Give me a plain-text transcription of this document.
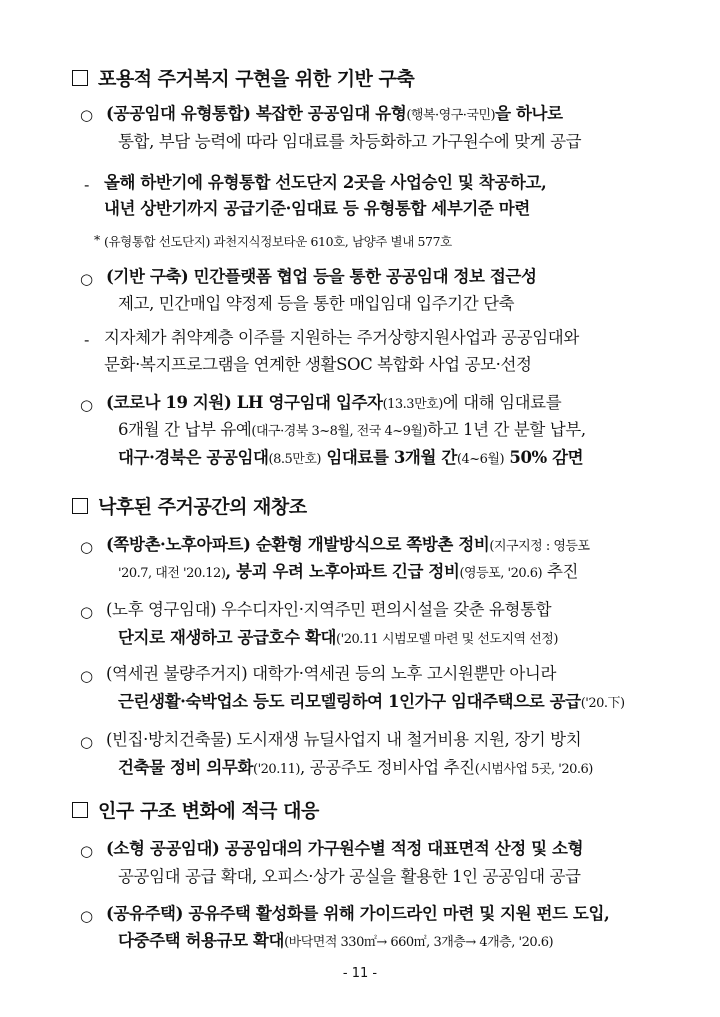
포용적 주거복지 구현을 위한 기반 구축
○ (공공임대 유형통합) 복잡한 공공임대 유형(행복·영구·국민)을 하나로
통합, 부담 능력에 따라 임대료를 차등화하고 가구원수에 맞게 공급
- 올해 하반기에 유형통합 선도단지 2곳을 사업승인 및 착공하고,
내년 상반기까지 공급기준·임대료 등 유형통합 세부기준 마련
* (유형통합 선도단지) 과천지식정보타운 610호, 남양주 별내 577호
○ (기반 구축) 민간플랫폼 협업 등을 통한 공공임대 정보 접근성
제고, 민간매입 약정제 등을 통한 매입임대 입주기간 단축
- 지자체가 취약계층 이주를 지원하는 주거상향지원사업과 공공임대와
문화·복지프로그램을 연계한 생활SOC 복합화 사업 공모·선정
○ (코로나 19 지원) LH 영구임대 입주자(13.3만호)에 대해 임대료를
6개월 간 납부 유예(대구·경북 3~8월, 전국 4~9월)하고 1년 간 분할 납부,
대구·경북은 공공임대(8.5만호) 임대료를 3개월 간(4~6월) 50% 감면
낙후된 주거공간의 재창조
○ (쪽방촌·노후아파트) 순환형 개발방식으로 쪽방촌 정비(지구지정 : 영등포
'20.7, 대전 '20.12), 붕괴 우려 노후아파트 긴급 정비(영등포, '20.6) 추진
○ (노후 영구임대) 우수디자인·지역주민 편의시설을 갖춘 유형통합
단지로 재생하고 공급호수 확대('20.11 시범모델 마련 및 선도지역 선정)
○ (역세권 불량주거지) 대학가·역세권 등의 노후 고시원뿐만 아니라
근린생활·숙박업소 등도 리모델링하여 1인가구 임대주택으로 공급('20.下)
○ (빈집·방치건축물) 도시재생 뉴딜사업지 내 철거비용 지원, 장기 방치
건축물 정비 의무화('20.11), 공공주도 정비사업 추진(시범사업 5곳, '20.6)
인구 구조 변화에 적극 대응
○ (소형 공공임대) 공공임대의 가구원수별 적정 대표면적 산정 및 소형
공공임대 공급 확대, 오피스·상가 공실을 활용한 1인 공공임대 공급
○ (공유주택) 공유주택 활성화를 위해 가이드라인 마련 및 지원 펀드 도입,
다중주택 허용규모 확대(바닥면적 330㎡→ 660㎡, 3개층→ 4개층, '20.6)
- 11 -
